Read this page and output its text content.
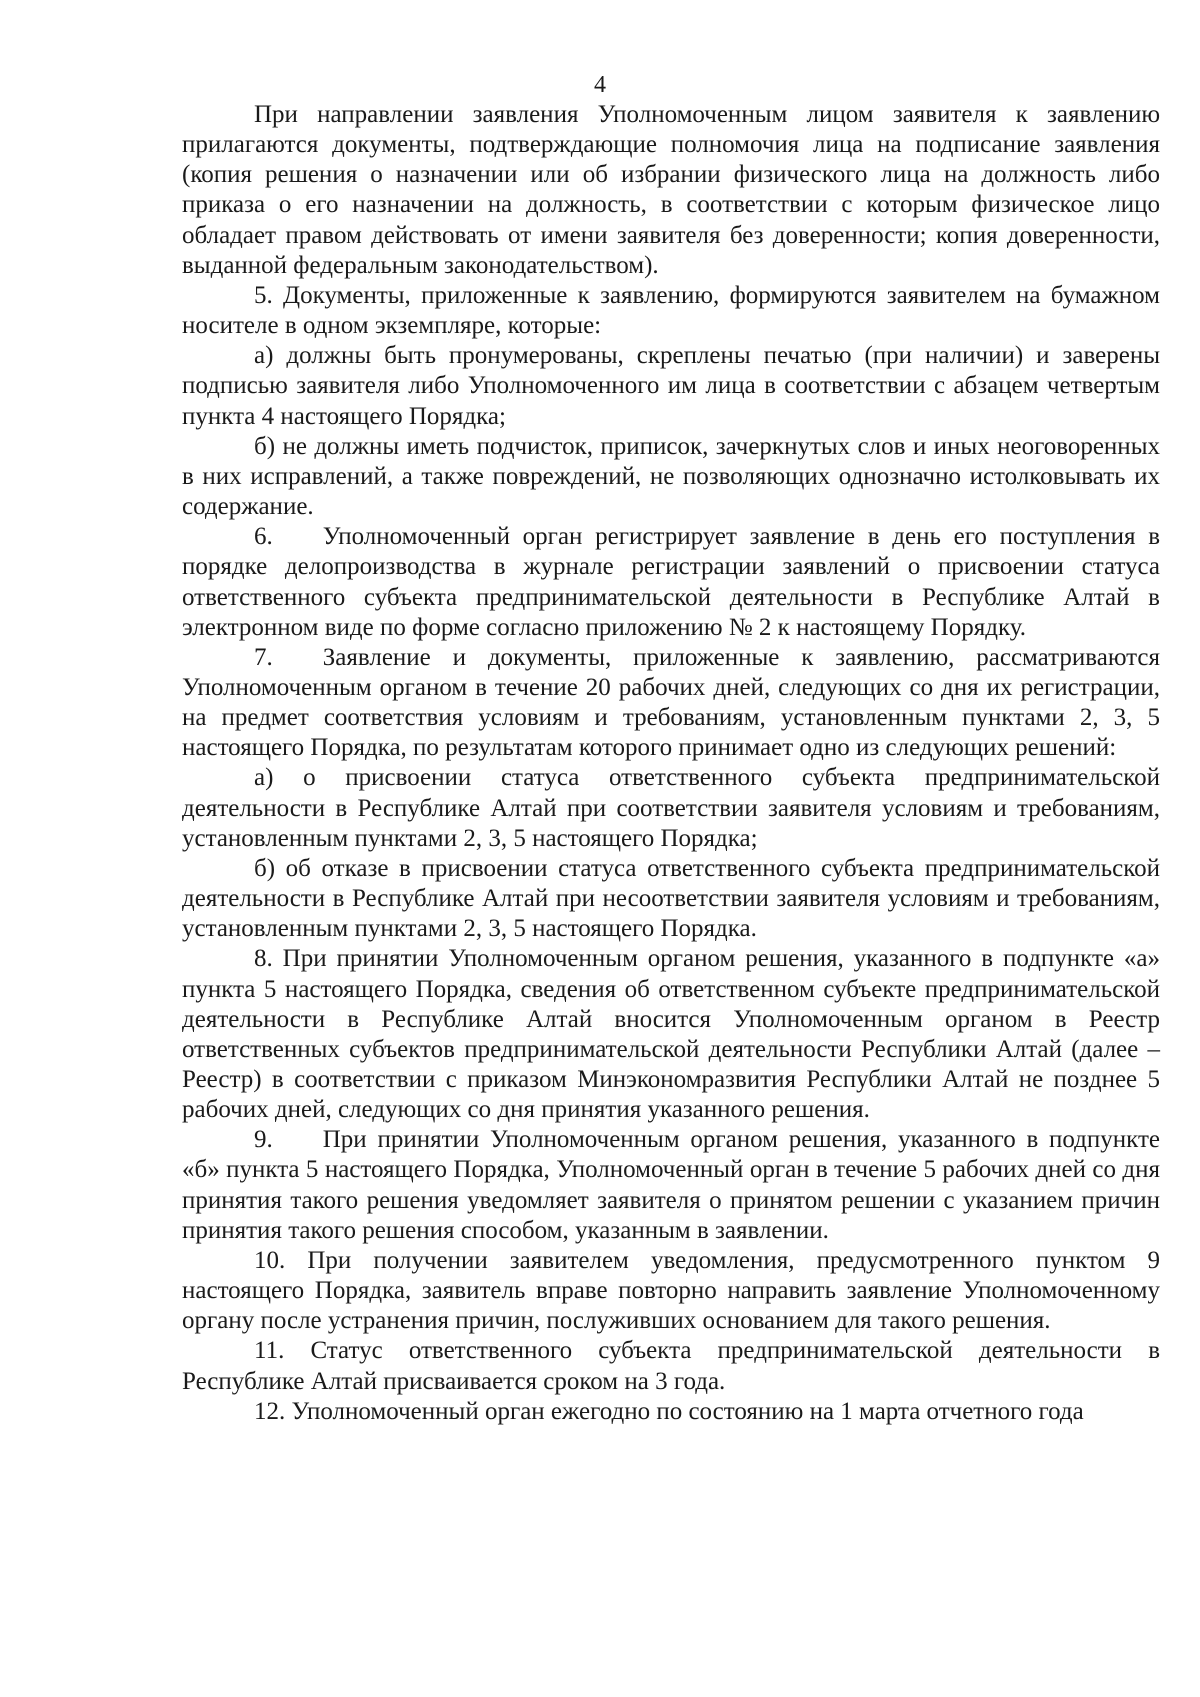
4

При направлении заявления Уполномоченным лицом заявителя к заявлению прилагаются документы, подтверждающие полномочия лица на подписание заявления (копия решения о назначении или об избрании физического лица на должность либо приказа о его назначении на должность, в соответствии с которым физическое лицо обладает правом действовать от имени заявителя без доверенности; копия доверенности, выданной федеральным законодательством).

5. Документы, приложенные к заявлению, формируются заявителем на бумажном носителе в одном экземпляре, которые:

а) должны быть пронумерованы, скреплены печатью (при наличии) и заверены подписью заявителя либо Уполномоченного им лица в соответствии с абзацем четвертым пункта 4 настоящего Порядка;

б) не должны иметь подчисток, приписок, зачеркнутых слов и иных неоговоренных в них исправлений, а также повреждений, не позволяющих однозначно истолковывать их содержание.

6.  Уполномоченный орган регистрирует заявление в день его поступления в порядке делопроизводства в журнале регистрации заявлений о присвоении статуса ответственного субъекта предпринимательской деятельности в Республике Алтай в электронном виде по форме согласно приложению № 2 к настоящему Порядку.

7.  Заявление и документы, приложенные к заявлению, рассматриваются Уполномоченным органом в течение 20 рабочих дней, следующих со дня их регистрации, на предмет соответствия условиям и требованиям, установленным пунктами 2, 3, 5 настоящего Порядка, по результатам которого принимает одно из следующих решений:

а) о присвоении статуса ответственного субъекта предпринимательской деятельности в Республике Алтай при соответствии заявителя условиям и требованиям, установленным пунктами 2, 3, 5 настоящего Порядка;

б) об отказе в присвоении статуса ответственного субъекта предпринимательской деятельности в Республике Алтай при несоответствии заявителя условиям и требованиям, установленным пунктами 2, 3, 5 настоящего Порядка.

8. При принятии Уполномоченным органом решения, указанного в подпункте «а» пункта 5 настоящего Порядка, сведения об ответственном субъекте предпринимательской деятельности в Республике Алтай вносится Уполномоченным органом в Реестр ответственных субъектов предпринимательской деятельности Республики Алтай (далее – Реестр) в соответствии с приказом Минэкономразвития Республики Алтай не позднее 5 рабочих дней, следующих со дня принятия указанного решения.

9.  При принятии Уполномоченным органом решения, указанного в подпункте «б» пункта 5 настоящего Порядка, Уполномоченный орган в течение 5 рабочих дней со дня принятия такого решения уведомляет заявителя о принятом решении с указанием причин принятия такого решения способом, указанным в заявлении.

10. При получении заявителем уведомления, предусмотренного пунктом 9 настоящего Порядка, заявитель вправе повторно направить заявление Уполномоченному органу после устранения причин, послуживших основанием для такого решения.

11. Статус ответственного субъекта предпринимательской деятельности в Республике Алтай присваивается сроком на 3 года.

12. Уполномоченный орган ежегодно по состоянию на 1 марта отчетного года
